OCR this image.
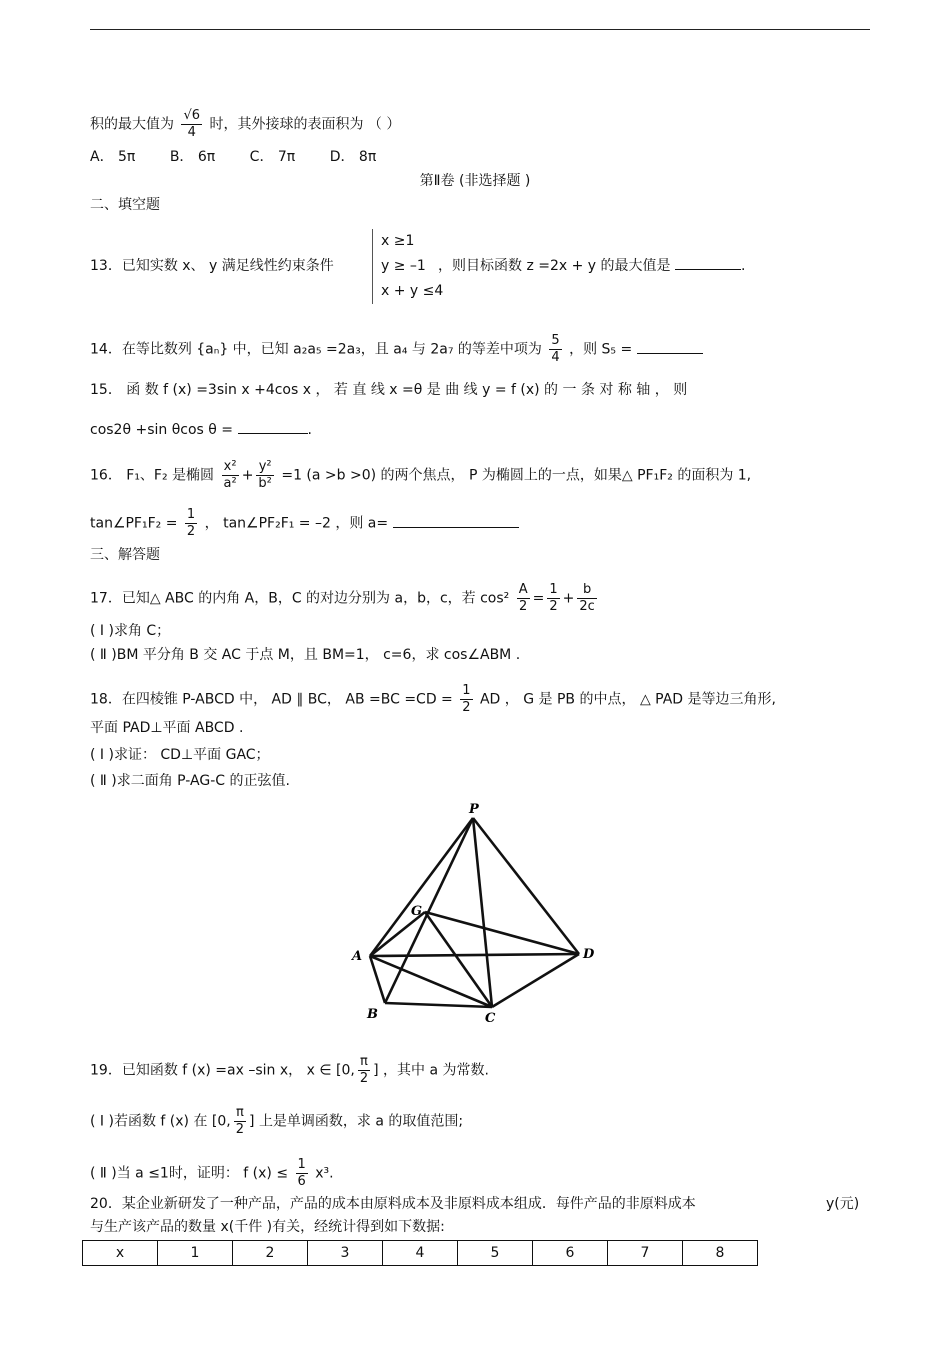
积的最大值为 $\frac{√6}{4}$ 时，其外接球的表面积为 （ ）
A． 5π B． 6π C． 7π D． 8π
第Ⅱ卷 (非选择题 )
二、填空题
13．已知实数 x、 y 满足线性约束条件
x ≥1
y ≥ –1
x + y ≤4
，则目标函数 z =2x + y 的最大值是	.
14．在等比数列 {aₙ} 中，已知 a₂a₅ =2a₃，且 a₄ 与 2a₇ 的等差中项为 $\frac{5}{4}$ ，则 S₅ =
15． 函 数 f (x) =3sin x +4cos x ， 若 直 线 x =θ 是 曲 线 y = f (x) 的 一 条 对 称 轴 ， 则
cos2θ +sin θcos θ =	.
16． F₁、F₂ 是椭圆 $\frac{\text{x²}}{\text{a²}} + \frac{\text{y²}}{\text{b²}} =1$ (a >b >0) 的两个焦点， P 为椭圆上的一点，如果△ PF₁F₂ 的面积为 1,
tan∠PF₁F₂ = $\frac{1}{2}$ ， tan∠PF₂F₁ = –2 ，则 a=
三、解答题
17．已知△ ABC 的内角 A，B，C 的对边分别为 a，b，c，若 $\cos^2 \frac{A}{2} = \frac{1}{2} + \frac{b}{2c}$
( Ⅰ )求角 C；
( Ⅱ )BM 平分角 B 交 AC 于点 M，且 BM=1， c=6，求 cos∠ABM .
18．在四棱锥 P-ABCD 中， AD ∥ BC， AB $=BC =CD = \frac{1}{2}$ AD ， G 是 PB 的中点， △ PAD 是等边三角形,
平面 PAD⊥平面 ABCD .
( Ⅰ )求证： CD⊥平面 GAC；
( Ⅱ )求二面角 P-AG-C 的正弦值.
P
G
A	D
B	C
19．已知函数 f (x) =ax –sin x， x ∈ [0, $\frac{\pi}{2}$ ] ，其中 a 为常数.
( Ⅰ )若函数 f (x) 在 [0, $\frac{\pi}{2}$ ] 上是单调函数，求 a 的取值范围;
( Ⅱ )当 a ≤1时，证明： f $(x) \le \frac{1}{6} x^3$.
20．某企业新研发了一种产品，产品的成本由原料成本及非原料成本组成．每件产品的非原料成本	y(元)
与生产该产品的数量 x(千件 )有关，经统计得到如下数据:
x	1	2	3	4	5	6	7	8
